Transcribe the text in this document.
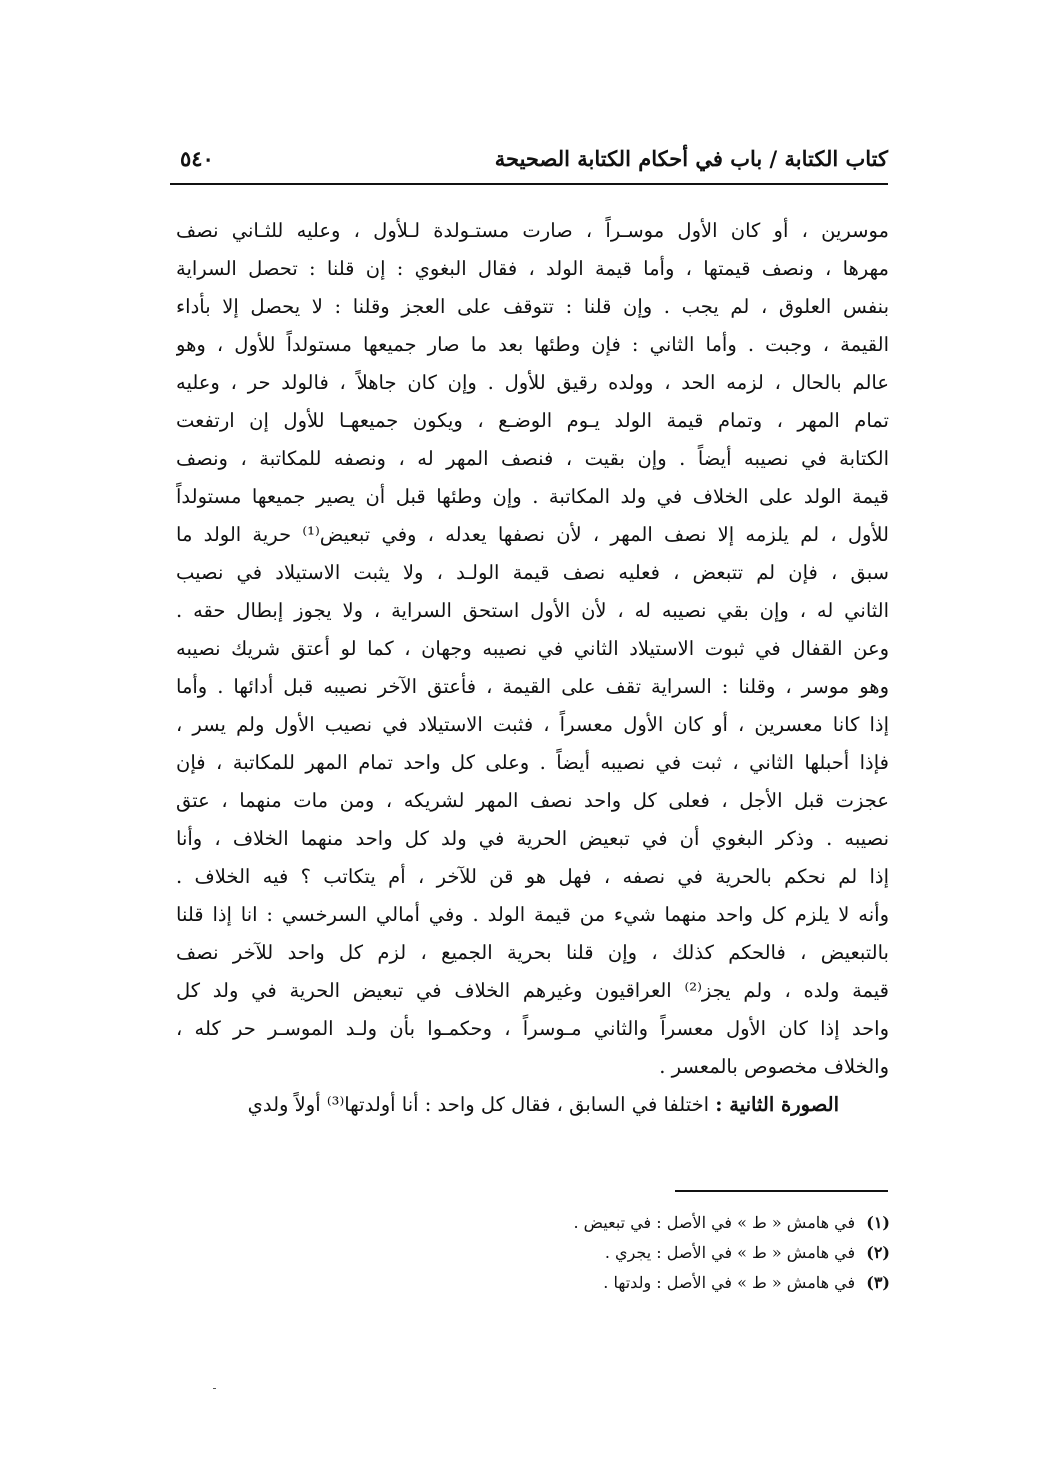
كتاب الكتابة / باب في أحكام الكتابة الصحيحة
٥٤٠
موسرين ، أو كان الأول موسـراً ، صارت مستـولدة لـلأول ، وعليه للثـاني نصف
مهرها ، ونصف قيمتها ، وأما قيمة الولد ، فقال البغوي : إن قلنا : تحصل السراية
بنفس العلوق ، لم يجب . وإن قلنا : تتوقف على العجز وقلنا : لا يحصل إلا بأداء
القيمة ، وجبت . وأما الثاني : فإن وطئها بعد ما صار جميعها مستولداً للأول ، وهو
عالم بالحال ، لزمه الحد ، وولده رقيق للأول . وإن كان جاهلاً ، فالولد حر ، وعليه
تمام المهر ، وتمام قيمة الولد يـوم الوضـع ، ويكون جميعهـا للأول إن ارتفعت
الكتابة في نصيبه أيضاً . وإن بقيت ، فنصف المهر له ، ونصفه للمكاتبة ، ونصف
قيمة الولد على الخلاف في ولد المكاتبة . وإن وطئها قبل أن يصير جميعها مستولداً
للأول ، لم يلزمه إلا نصف المهر ، لأن نصفها يعدله ، وفي تبعيض⁽¹⁾ حرية الولد ما
سبق ، فإن لم تتبعض ، فعليه نصف قيمة الولـد ، ولا يثبت الاستيلاد في نصيب
الثاني له ، وإن بقي نصيبه له ، لأن الأول استحق السراية ، ولا يجوز إبطال حقه .
وعن القفال في ثبوت الاستيلاد الثاني في نصيبه وجهان ، كما لو أعتق شريك نصيبه
وهو موسر ، وقلنا : السراية تقف على القيمة ، فأعتق الآخر نصيبه قبل أدائها . وأما
إذا كانا معسرين ، أو كان الأول معسراً ، فثبت الاستيلاد في نصيب الأول ولم يسر ،
فإذا أحبلها الثاني ، ثبت في نصيبه أيضاً . وعلى كل واحد تمام المهر للمكاتبة ، فإن
عجزت قبل الأجل ، فعلى كل واحد نصف المهر لشريكه ، ومن مات منهما ، عتق
نصيبه . وذكر البغوي أن في تبعيض الحرية في ولد كل واحد منهما الخلاف ، وأنا
إذا لم نحكم بالحرية في نصفه ، فهل هو قن للآخر ، أم يتكاتب ؟ فيه الخلاف .
وأنه لا يلزم كل واحد منهما شيء من قيمة الولد . وفي أمالي السرخسي : انا إذا قلنا
بالتبعيض ، فالحكم كذلك ، وإن قلنا بحرية الجميع ، لزم كل واحد للآخر نصف
قيمة ولده ، ولم يجز⁽²⁾ العراقيون وغيرهم الخلاف في تبعيض الحرية في ولد كل
واحد إذا كان الأول معسراً والثاني مـوسراً ، وحكمـوا بأن ولـد الموسـر حر كله ،
والخلاف مخصوص بالمعسر .
الصورة الثانية : اختلفا في السابق ، فقال كل واحد : أنا أولدتها⁽³⁾ أولاً ولدي
(١) في هامش « ط » في الأصل : في تبعيض .
(٢) في هامش « ط » في الأصل : يجري .
(٣) في هامش « ط » في الأصل : ولدتها .
